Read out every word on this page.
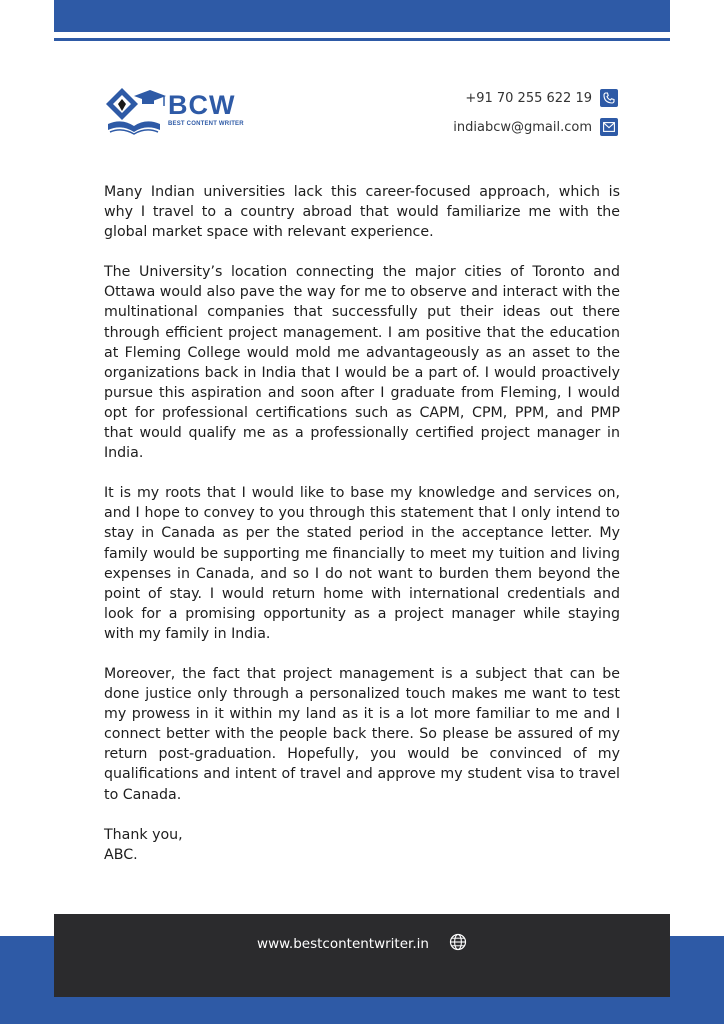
BCW
BEST CONTENT WRITER
+91 70 255 622 19
indiabcw@gmail.com

Many Indian universities lack this career-focused approach, which is why I travel to a country abroad that would familiarize me with the global market space with relevant experience.

The University’s location connecting the major cities of Toronto and Ottawa would also pave the way for me to observe and interact with the multinational companies that successfully put their ideas out there through efficient project management. I am positive that the education at Fleming College would mold me advantageously as an asset to the organizations back in India that I would be a part of. I would proactively pursue this aspiration and soon after I graduate from Fleming, I would opt for professional certifications such as CAPM, CPM, PPM, and PMP that would qualify me as a professionally certified project manager in India.

It is my roots that I would like to base my knowledge and services on, and I hope to convey to you through this statement that I only intend to stay in Canada as per the stated period in the acceptance letter. My family would be supporting me financially to meet my tuition and living expenses in Canada, and so I do not want to burden them beyond the point of stay. I would return home with international credentials and look for a promising opportunity as a project manager while staying with my family in India.

Moreover, the fact that project management is a subject that can be done justice only through a personalized touch makes me want to test my prowess in it within my land as it is a lot more familiar to me and I connect better with the people back there. So please be assured of my return post-graduation. Hopefully, you would be convinced of my qualifications and intent of travel and approve my student visa to travel to Canada.

Thank you,
ABC.
www.bestcontentwriter.in
